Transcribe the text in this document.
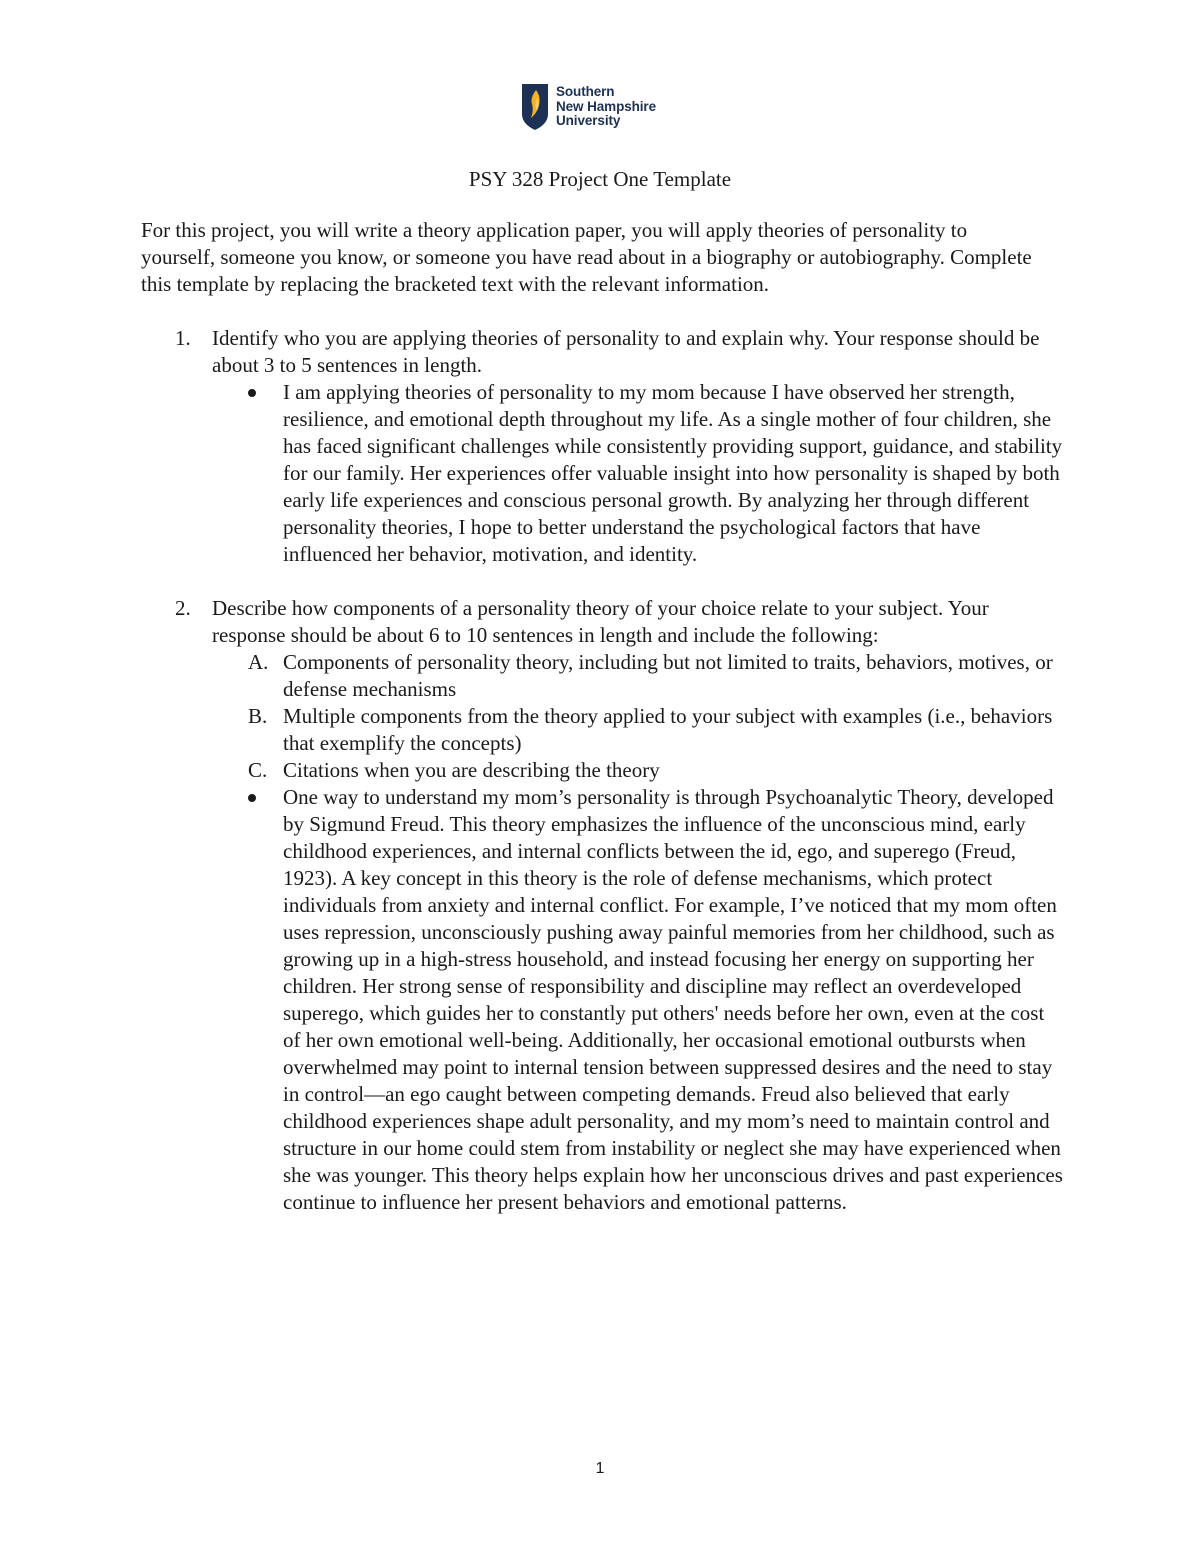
Southern
New Hampshire
University
PSY 328 Project One Template

For this project, you will write a theory application paper, you will apply theories of personality to yourself, someone you know, or someone you have read about in a biography or autobiography. Complete this template by replacing the bracketed text with the relevant information.

1.	Identify who you are applying theories of personality to and explain why. Your response should be about 3 to 5 sentences in length.
I am applying theories of personality to my mom because I have observed her strength, resilience, and emotional depth throughout my life. As a single mother of four children, she has faced significant challenges while consistently providing support, guidance, and stability for our family. Her experiences offer valuable insight into how personality is shaped by both early life experiences and conscious personal growth. By analyzing her through different personality theories, I hope to better understand the psychological factors that have influenced her behavior, motivation, and identity.
2.	Describe how components of a personality theory of your choice relate to your subject. Your response should be about 6 to 10 sentences in length and include the following:
A. Components of personality theory, including but not limited to traits, behaviors, motives, or defense mechanisms
B. Multiple components from the theory applied to your subject with examples (i.e., behaviors that exemplify the concepts)
C. Citations when you are describing the theory
One way to understand my mom’s personality is through Psychoanalytic Theory, developed by Sigmund Freud. This theory emphasizes the influence of the unconscious mind, early childhood experiences, and internal conflicts between the id, ego, and superego (Freud, 1923). A key concept in this theory is the role of defense mechanisms, which protect individuals from anxiety and internal conflict. For example, I’ve noticed that my mom often uses repression, unconsciously pushing away painful memories from her childhood, such as growing up in a high-stress household, and instead focusing her energy on supporting her children. Her strong sense of responsibility and discipline may reflect an overdeveloped superego, which guides her to constantly put others' needs before her own, even at the cost of her own emotional well-being. Additionally, her occasional emotional outbursts when overwhelmed may point to internal tension between suppressed desires and the need to stay in control—an ego caught between competing demands. Freud also believed that early childhood experiences shape adult personality, and my mom’s need to maintain control and structure in our home could stem from instability or neglect she may have experienced when she was younger. This theory helps explain how her unconscious drives and past experiences continue to influence her present behaviors and emotional patterns.
1
